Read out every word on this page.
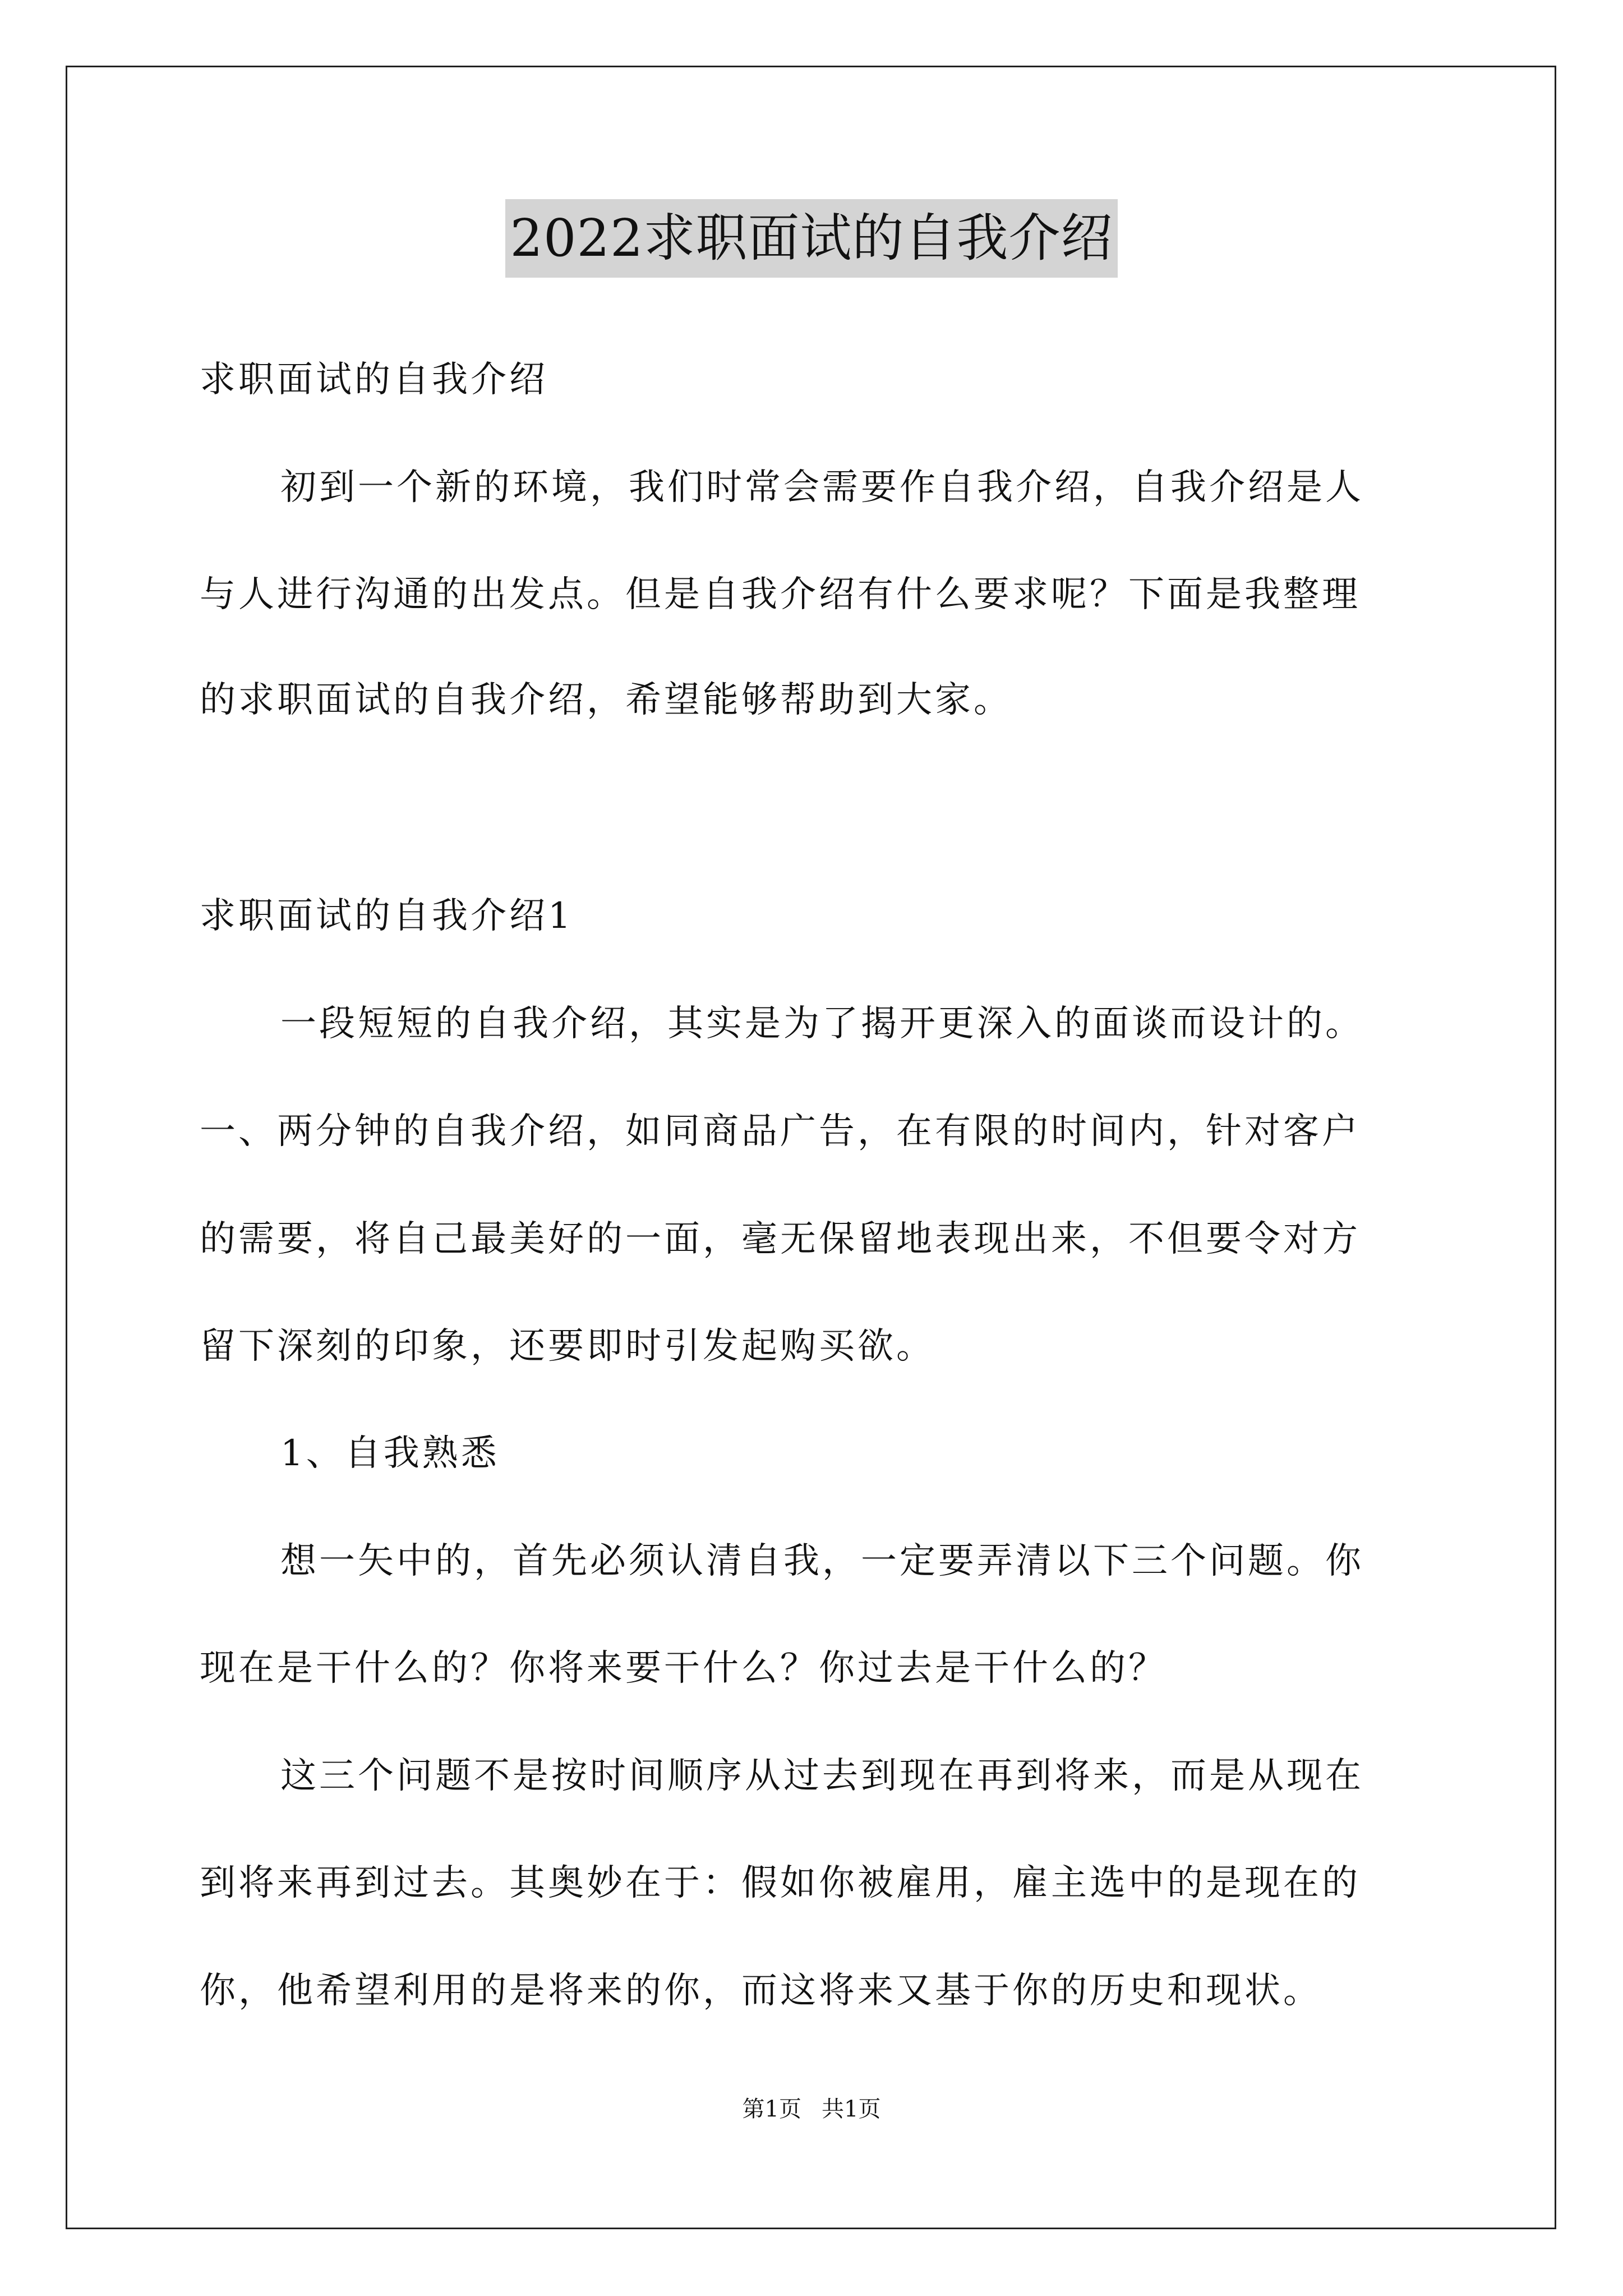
2022求职面试的自我介绍
求职面试的自我介绍
初到一个新的环境，我们时常会需要作自我介绍，自我介绍是人
与人进行沟通的出发点。但是自我介绍有什么要求呢？下面是我整理
的求职面试的自我介绍，希望能够帮助到大家。
求职面试的自我介绍1
一段短短的自我介绍，其实是为了揭开更深入的面谈而设计的。
一、两分钟的自我介绍，如同商品广告，在有限的时间内，针对客户
的需要，将自己最美好的一面，毫无保留地表现出来，不但要令对方
留下深刻的印象，还要即时引发起购买欲。
1、自我熟悉
想一矢中的，首先必须认清自我，一定要弄清以下三个问题。你
现在是干什么的？你将来要干什么？你过去是干什么的？
这三个问题不是按时间顺序从过去到现在再到将来，而是从现在
到将来再到过去。其奥妙在于：假如你被雇用，雇主选中的是现在的
你，他希望利用的是将来的你，而这将来又基于你的历史和现状。
第1页 共1页
